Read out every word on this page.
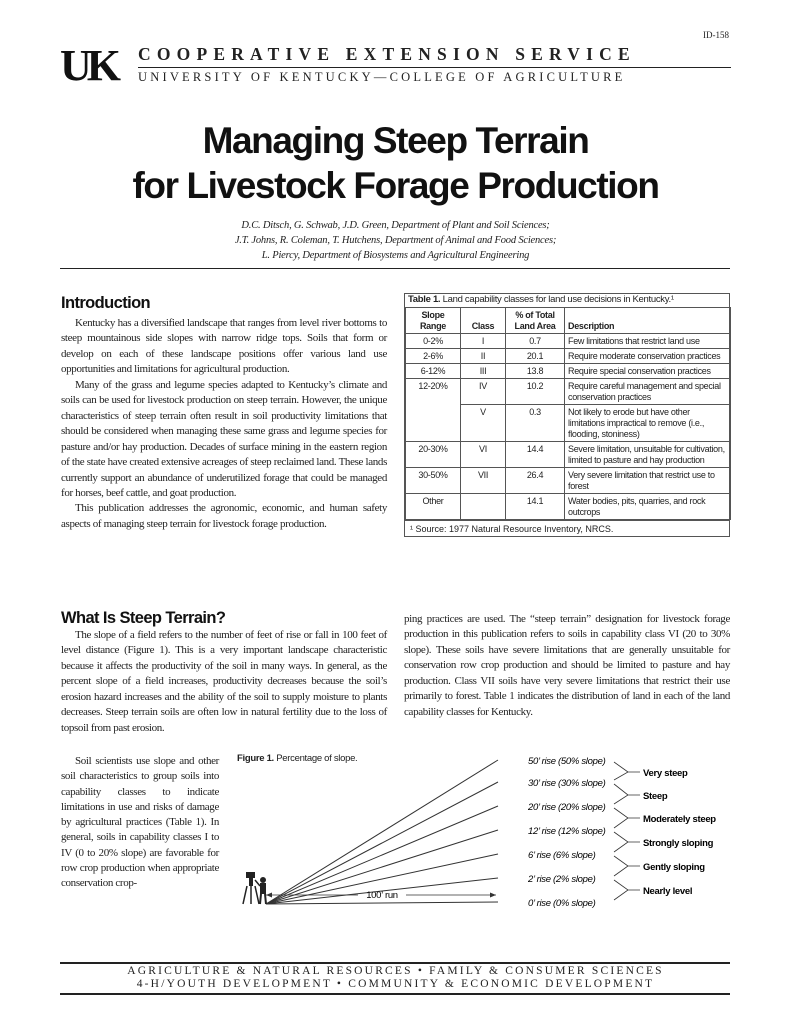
ID-158
UK COOPERATIVE EXTENSION SERVICE
UNIVERSITY OF KENTUCKY—COLLEGE OF AGRICULTURE
Managing Steep Terrain
for Livestock Forage Production
D.C. Ditsch, G. Schwab, J.D. Green, Department of Plant and Soil Sciences;
J.T. Johns, R. Coleman, T. Hutchens, Department of Animal and Food Sciences;
L. Piercy, Department of Biosystems and Agricultural Engineering
Introduction

Kentucky has a diversified landscape that ranges from level river bottoms to steep mountainous side slopes with narrow ridge tops. Soils that form or develop on each of these landscape positions offer various land use opportunities and limitations for agricultural production.

Many of the grass and legume species adapted to Kentucky’s climate and soils can be used for livestock production on steep terrain. However, the unique characteristics of steep terrain often result in soil productivity limitations that should be considered when managing these same grass and legume species for pasture and/or hay production. Decades of surface mining in the eastern region of the state have created extensive acreages of steep reclaimed land. These lands currently support an abundance of underutilized forage that could be managed for horses, beef cattle, and goat production.

This publication addresses the agronomic, economic, and human safety aspects of managing steep terrain for livestock forage production.

Table 1. Land capability classes for land use decisions in Kentucky.¹
Slope Range	Class	% of Total Land Area	Description
0-2%	I	0.7	Few limitations that restrict land use
2-6%	II	20.1	Require moderate conservation practices
6-12%	III	13.8	Require special conservation practices
12-20%	IV	10.2	Require careful management and special conservation practices
	V	0.3	Not likely to erode but have other limitations impractical to remove (i.e., flooding, stoniness)
20-30%	VI	14.4	Severe limitation, unsuitable for cultivation, limited to pasture and hay production
30-50%	VII	26.4	Very severe limitation that restrict use to forest
Other		14.1	Water bodies, pits, quarries, and rock outcrops
¹ Source: 1977 Natural Resource Inventory, NRCS.
What Is Steep Terrain?

The slope of a field refers to the number of feet of rise or fall in 100 feet of level distance (Figure 1). This is a very important landscape characteristic because it affects the productivity of the soil in many ways. In general, as the percent slope of a field increases, productivity decreases because the soil’s erosion hazard increases and the ability of the soil to supply moisture to plants decreases. Steep terrain soils are often low in natural fertility due to the loss of topsoil from past erosion.

Soil scientists use slope and other soil characteristics to group soils into capability classes to indicate limitations in use and risks of damage by agricultural practices (Table 1). In general, soils in capability classes I to IV (0 to 20% slope) are favorable for row crop production when appropriate conservation crop-

ping practices are used. The “steep terrain” designation for livestock forage production in this publication refers to soils in capability class VI (20 to 30% slope). These soils have severe limitations that are generally unsuitable for conservation row crop production and should be limited to pasture and hay production. Class VII soils have very severe limitations that restrict their use primarily to forest. Table 1 indicates the distribution of land in each of the land capability classes for Kentucky.

Figure 1. Percentage of slope.	50’ rise (50% slope)
30’ rise (30% slope)
20’ rise (20% slope)
12’ rise (12% slope)
6’ rise (6% slope)
2’ rise (2% slope)
0’ rise (0% slope)
Very steep
Steep
Moderately steep
Strongly sloping
Gently sloping
Nearly level
100’ run
AGRICULTURE & NATURAL RESOURCES • FAMILY & CONSUMER SCIENCES
4-H/YOUTH DEVELOPMENT • COMMUNITY & ECONOMIC DEVELOPMENT
